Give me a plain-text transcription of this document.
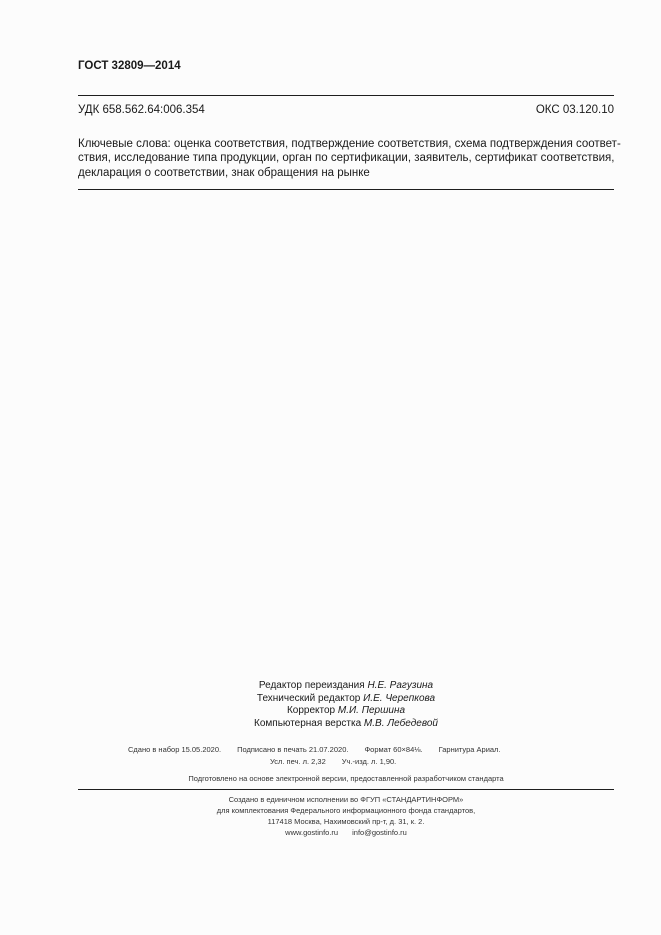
ГОСТ 32809—2014
УДК 658.562.64:006.354	ОКС 03.120.10
Ключевые слова: оценка соответствия, подтверждение соответствия, схема подтверждения соответ-
ствия, исследование типа продукции, орган по сертификации, заявитель, сертификат соответствия,
декларация о соответствии, знак обращения на рынке
Редактор переиздания Н.Е. Рагузина
Технический редактор И.Е. Черепкова
Корректор М.И. Першина
Компьютерная верстка М.В. Лебедевой
Сдано в набор 15.05.2020. Подписано в печать 21.07.2020. Формат 60×84⅛. Гарнитура Ариал.
Усл. печ. л. 2,32 Уч.-изд. л. 1,90.
Подготовлено на основе электронной версии, предоставленной разработчиком стандарта
Создано в единичном исполнении во ФГУП «СТАНДАРТИНФОРМ»
для комплектования Федерального информационного фонда стандартов,
117418 Москва, Нахимовский пр-т, д. 31, к. 2.
www.gostinfo.ru info@gostinfo.ru
